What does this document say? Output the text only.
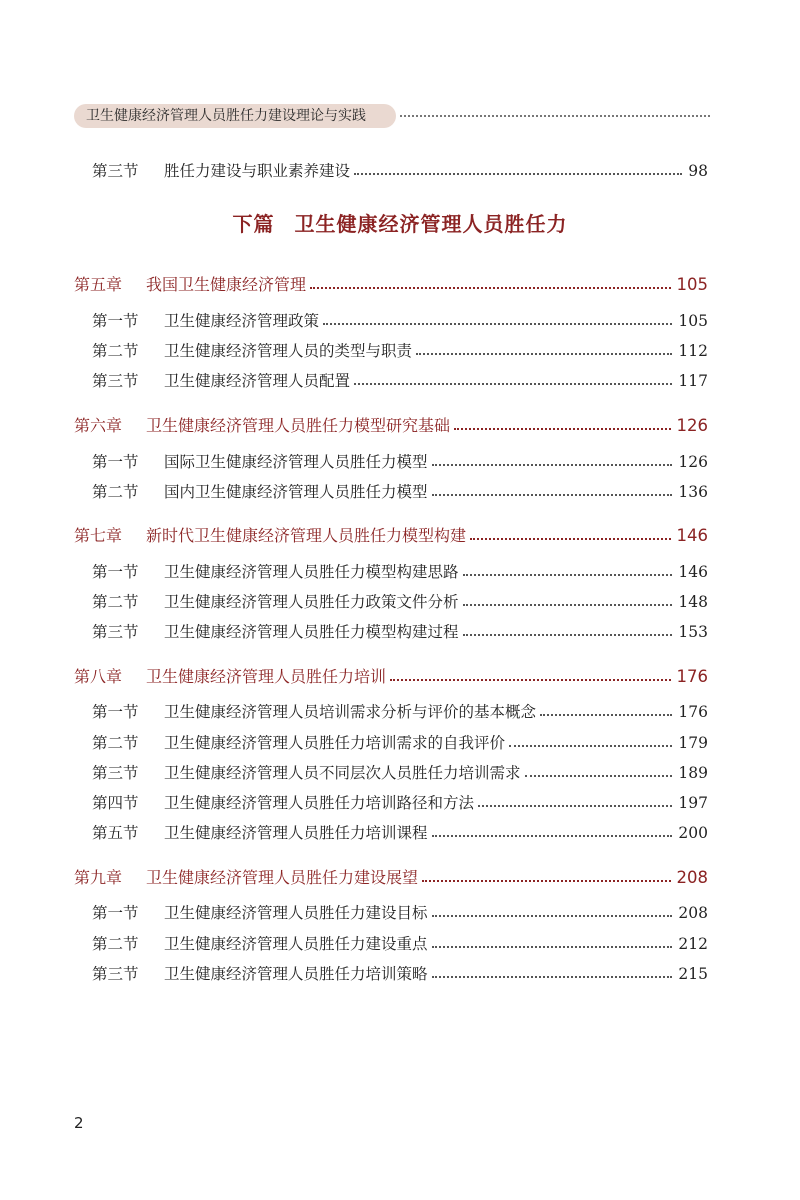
卫生健康经济管理人员胜任力建设理论与实践
第三节	胜任力建设与职业素养建设	98
下篇 卫生健康经济管理人员胜任力
第五章	我国卫生健康经济管理	105
第一节	卫生健康经济管理政策	105
第二节	卫生健康经济管理人员的类型与职责	112
第三节	卫生健康经济管理人员配置	117
第六章	卫生健康经济管理人员胜任力模型研究基础	126
第一节	国际卫生健康经济管理人员胜任力模型	126
第二节	国内卫生健康经济管理人员胜任力模型	136
第七章	新时代卫生健康经济管理人员胜任力模型构建	146
第一节	卫生健康经济管理人员胜任力模型构建思路	146
第二节	卫生健康经济管理人员胜任力政策文件分析	148
第三节	卫生健康经济管理人员胜任力模型构建过程	153
第八章	卫生健康经济管理人员胜任力培训	176
第一节	卫生健康经济管理人员培训需求分析与评价的基本概念	176
第二节	卫生健康经济管理人员胜任力培训需求的自我评价	179
第三节	卫生健康经济管理人员不同层次人员胜任力培训需求	189
第四节	卫生健康经济管理人员胜任力培训路径和方法	197
第五节	卫生健康经济管理人员胜任力培训课程	200
第九章	卫生健康经济管理人员胜任力建设展望	208
第一节	卫生健康经济管理人员胜任力建设目标	208
第二节	卫生健康经济管理人员胜任力建设重点	212
第三节	卫生健康经济管理人员胜任力培训策略	215
2
